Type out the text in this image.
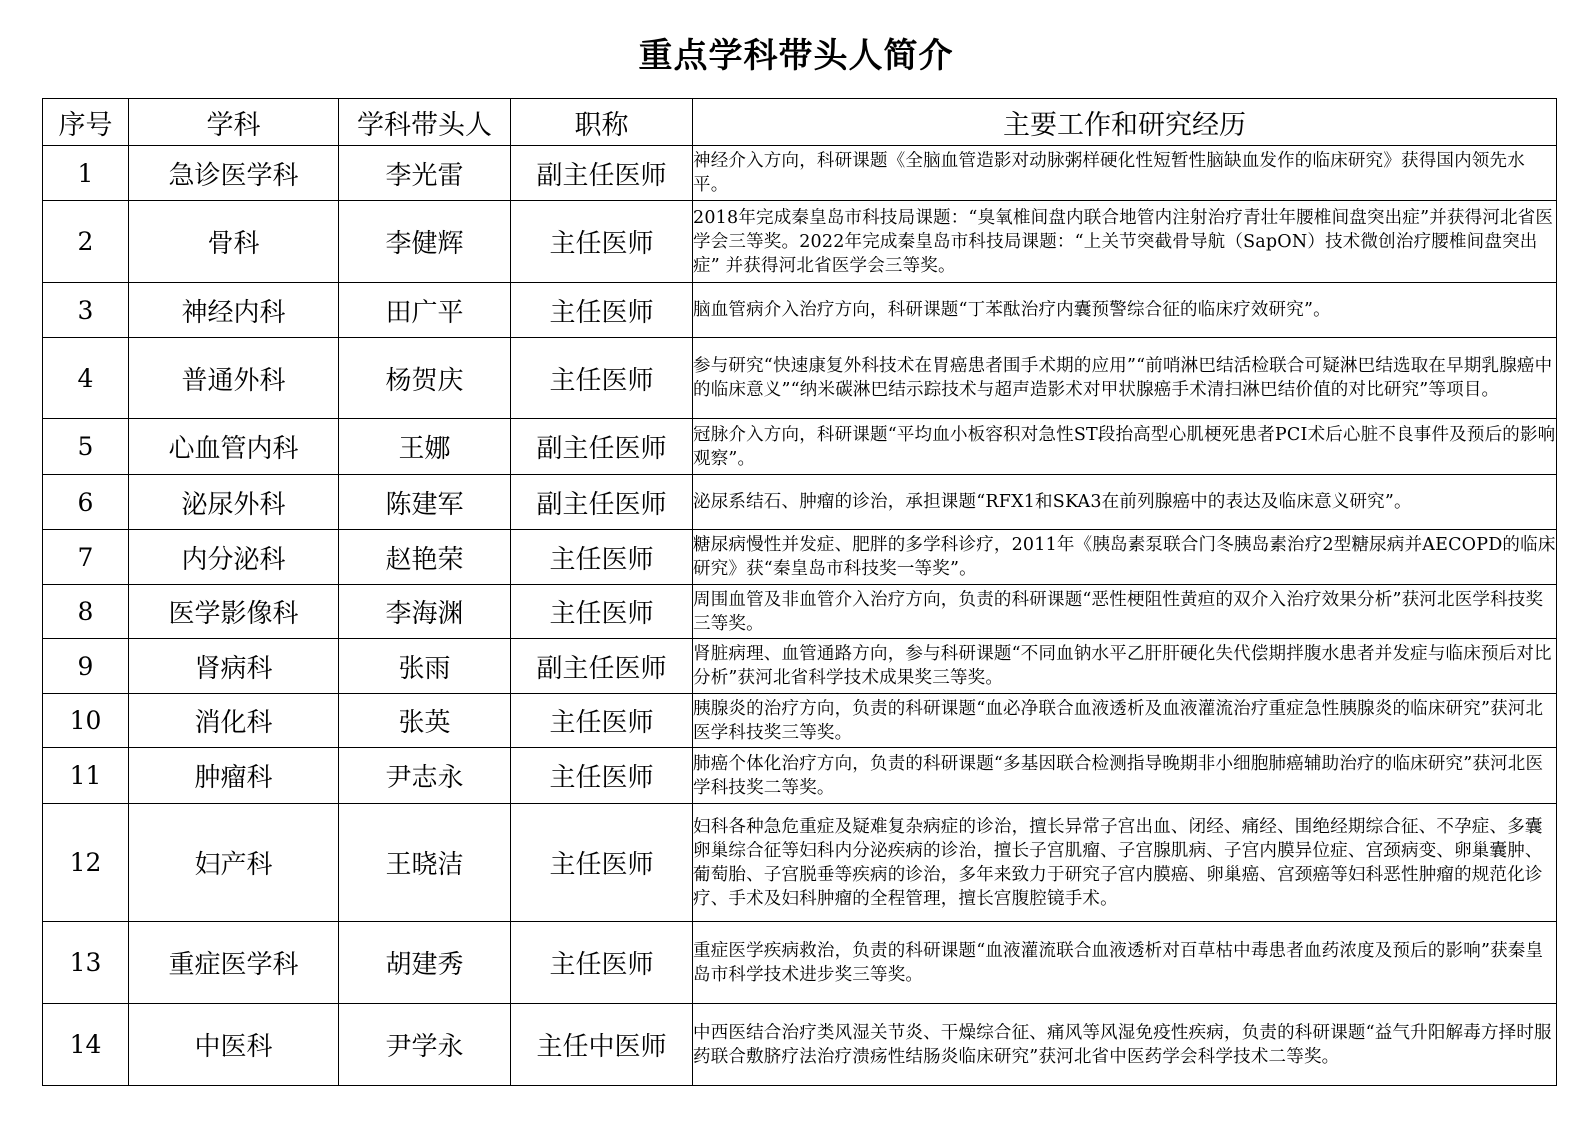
重点学科带头人简介
序号	学科	学科带头人	职称	主要工作和研究经历
1	急诊医学科	李光雷	副主任医师	神经介入方向，科研课题《全脑血管造影对动脉粥样硬化性短暂性脑缺血发作的临床研究》获得国内领先水平。
2	骨科	李健辉	主任医师	2018年完成秦皇岛市科技局课题：“臭氧椎间盘内联合地管内注射治疗青壮年腰椎间盘突出症”并获得河北省医学会三等奖。2022年完成秦皇岛市科技局课题：“上关节突截骨导航（SapON）技术微创治疗腰椎间盘突出症” 并获得河北省医学会三等奖。
3	神经内科	田广平	主任医师	脑血管病介入治疗方向，科研课题“丁苯酞治疗内囊预警综合征的临床疗效研究”。
4	普通外科	杨贺庆	主任医师	参与研究“快速康复外科技术在胃癌患者围手术期的应用”“前哨淋巴结活检联合可疑淋巴结选取在早期乳腺癌中的临床意义”“纳米碳淋巴结示踪技术与超声造影术对甲状腺癌手术清扫淋巴结价值的对比研究”等项目。
5	心血管内科	王娜	副主任医师	冠脉介入方向，科研课题“平均血小板容积对急性ST段抬高型心肌梗死患者PCI术后心脏不良事件及预后的影响观察”。
6	泌尿外科	陈建军	副主任医师	泌尿系结石、肿瘤的诊治，承担课题“RFX1和SKA3在前列腺癌中的表达及临床意义研究”。
7	内分泌科	赵艳荣	主任医师	糖尿病慢性并发症、肥胖的多学科诊疗，2011年《胰岛素泵联合门冬胰岛素治疗2型糖尿病并AECOPD的临床研究》获“秦皇岛市科技奖一等奖”。
8	医学影像科	李海渊	主任医师	周围血管及非血管介入治疗方向，负责的科研课题“恶性梗阻性黄疸的双介入治疗效果分析”获河北医学科技奖三等奖。
9	肾病科	张雨	副主任医师	肾脏病理、血管通路方向，参与科研课题“不同血钠水平乙肝肝硬化失代偿期拌腹水患者并发症与临床预后对比分析”获河北省科学技术成果奖三等奖。
10	消化科	张英	主任医师	胰腺炎的治疗方向，负责的科研课题“血必净联合血液透析及血液灌流治疗重症急性胰腺炎的临床研究”获河北医学科技奖三等奖。
11	肿瘤科	尹志永	主任医师	肺癌个体化治疗方向，负责的科研课题“多基因联合检测指导晚期非小细胞肺癌辅助治疗的临床研究”获河北医学科技奖二等奖。
12	妇产科	王晓洁	主任医师	妇科各种急危重症及疑难复杂病症的诊治，擅长异常子宫出血、闭经、痛经、围绝经期综合征、不孕症、多囊卵巢综合征等妇科内分泌疾病的诊治，擅长子宫肌瘤、子宫腺肌病、子宫内膜异位症、宫颈病变、卵巢囊肿、葡萄胎、子宫脱垂等疾病的诊治，多年来致力于研究子宫内膜癌、卵巢癌、宫颈癌等妇科恶性肿瘤的规范化诊疗、手术及妇科肿瘤的全程管理，擅长宫腹腔镜手术。
13	重症医学科	胡建秀	主任医师	重症医学疾病救治，负责的科研课题“血液灌流联合血液透析对百草枯中毒患者血药浓度及预后的影响”获秦皇岛市科学技术进步奖三等奖。
14	中医科	尹学永	主任中医师	中西医结合治疗类风湿关节炎、干燥综合征、痛风等风湿免疫性疾病，负责的科研课题“益气升阳解毒方择时服药联合敷脐疗法治疗溃疡性结肠炎临床研究”获河北省中医药学会科学技术二等奖。
